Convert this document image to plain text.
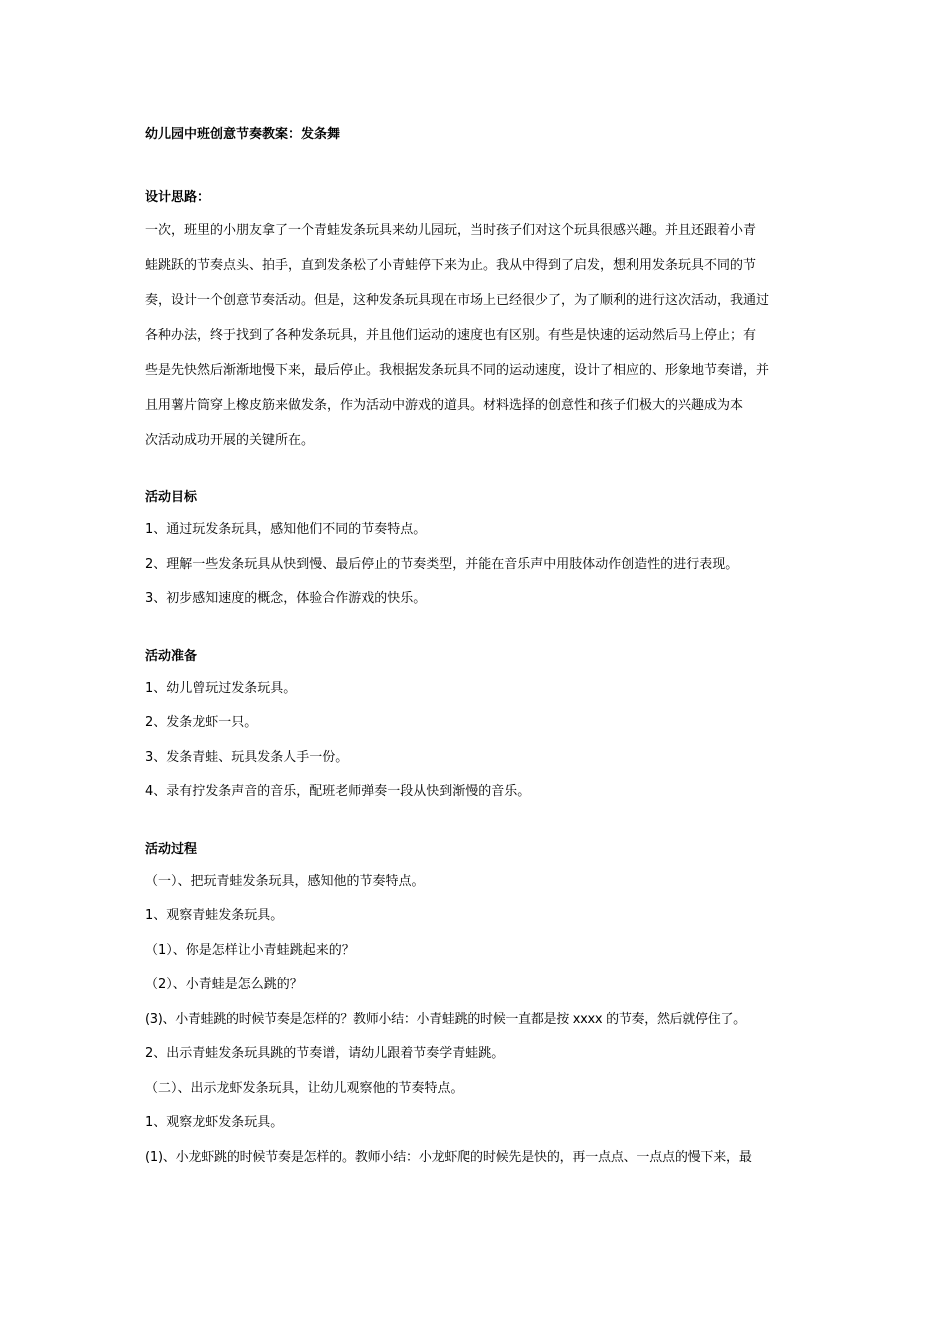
幼儿园中班创意节奏教案：发条舞

设计思路：

一次，班里的小朋友拿了一个青蛙发条玩具来幼儿园玩，当时孩子们对这个玩具很感兴趣。并且还跟着小青

蛙跳跃的节奏点头、拍手，直到发条松了小青蛙停下来为止。我从中得到了启发，想利用发条玩具不同的节

奏，设计一个创意节奏活动。但是，这种发条玩具现在市场上已经很少了，为了顺利的进行这次活动，我通过

各种办法，终于找到了各种发条玩具，并且他们运动的速度也有区别。有些是快速的运动然后马上停止；有

些是先快然后渐渐地慢下来，最后停止。我根据发条玩具不同的运动速度，设计了相应的、形象地节奏谱，并

且用薯片筒穿上橡皮筋来做发条，作为活动中游戏的道具。材料选择的创意性和孩子们极大的兴趣成为本

次活动成功开展的关键所在。

活动目标

1、通过玩发条玩具，感知他们不同的节奏特点。

2、理解一些发条玩具从快到慢、最后停止的节奏类型，并能在音乐声中用肢体动作创造性的进行表现。

3、初步感知速度的概念，体验合作游戏的快乐。

活动准备

1、幼儿曾玩过发条玩具。

2、发条龙虾一只。

3、发条青蛙、玩具发条人手一份。

4、录有拧发条声音的音乐，配班老师弹奏一段从快到渐慢的音乐。

活动过程

（一）、把玩青蛙发条玩具，感知他的节奏特点。

1、观察青蛙发条玩具。

（1）、你是怎样让小青蛙跳起来的？

（2）、小青蛙是怎么跳的？

(3)、小青蛙跳的时候节奏是怎样的？教师小结：小青蛙跳的时候一直都是按 xxxx 的节奏，然后就停住了。

2、出示青蛙发条玩具跳的节奏谱，请幼儿跟着节奏学青蛙跳。

（二）、出示龙虾发条玩具，让幼儿观察他的节奏特点。

1、观察龙虾发条玩具。

(1)、小龙虾跳的时候节奏是怎样的。教师小结：小龙虾爬的时候先是快的，再一点点、一点点的慢下来，最
